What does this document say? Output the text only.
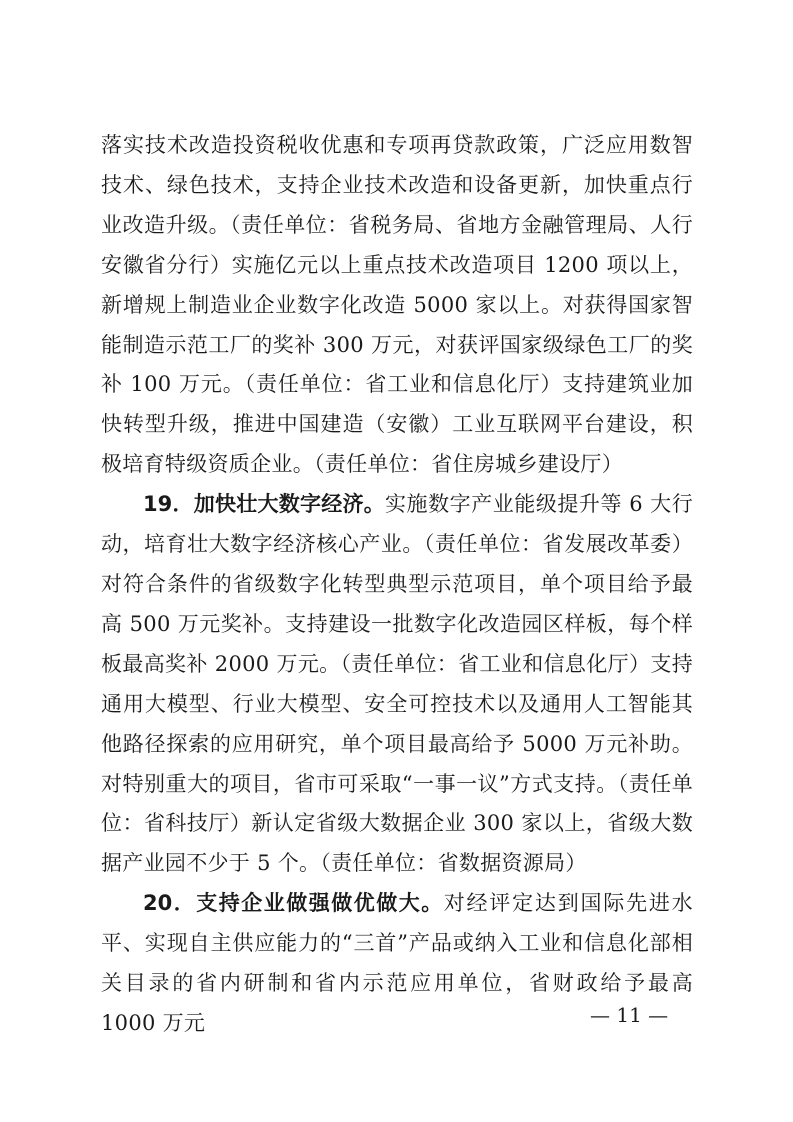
落实技术改造投资税收优惠和专项再贷款政策，广泛应用数智技术、绿色技术，支持企业技术改造和设备更新，加快重点行业改造升级。（责任单位：省税务局、省地方金融管理局、人行安徽省分行）实施亿元以上重点技术改造项目 1200 项以上，新增规上制造业企业数字化改造 5000 家以上。对获得国家智能制造示范工厂的奖补 300 万元，对获评国家级绿色工厂的奖补 100 万元。（责任单位：省工业和信息化厅）支持建筑业加快转型升级，推进中国建造（安徽）工业互联网平台建设，积极培育特级资质企业。（责任单位：省住房城乡建设厅）

19．加快壮大数字经济。实施数字产业能级提升等 6 大行动，培育壮大数字经济核心产业。（责任单位：省发展改革委）对符合条件的省级数字化转型典型示范项目，单个项目给予最高 500 万元奖补。支持建设一批数字化改造园区样板，每个样板最高奖补 2000 万元。（责任单位：省工业和信息化厅）支持通用大模型、行业大模型、安全可控技术以及通用人工智能其他路径探索的应用研究，单个项目最高给予 5000 万元补助。对特别重大的项目，省市可采取“一事一议”方式支持。（责任单位：省科技厅）新认定省级大数据企业 300 家以上，省级大数据产业园不少于 5 个。（责任单位：省数据资源局）

20．支持企业做强做优做大。对经评定达到国际先进水平、实现自主供应能力的“三首”产品或纳入工业和信息化部相关目录的省内研制和省内示范应用单位，省财政给予最高 1000 万元	— 11 —
